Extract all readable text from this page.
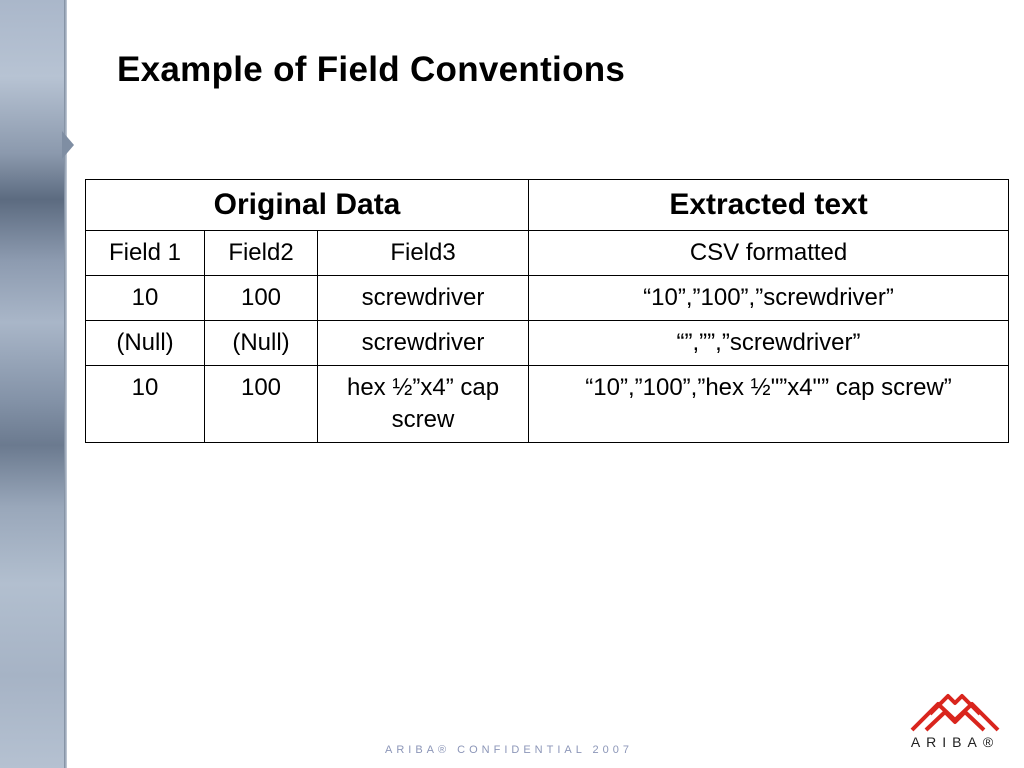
Example of Field Conventions
Original Data			Extracted text
Field 1	Field2	Field3	CSV formatted
10	100	screwdriver	“10”,”100”,”screwdriver”
(Null)	(Null)	screwdriver	“”,””,”screwdriver”
10	100	hex ½”x4” cap screw	“10”,”100”,”hex ½"”x4"” cap screw”
ARIBA® CONFIDENTIAL 2007	ARIBA®
